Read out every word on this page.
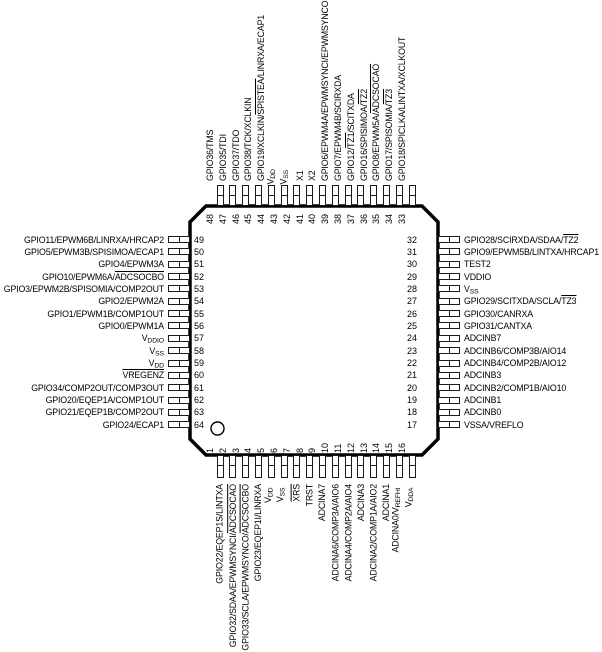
49
GPIO11/EPWM6B/LINRXA/HRCAP2
50
GPIO5/EPWM3B/SPISIMOA/ECAP1
51
GPIO4/EPWM3A
52
GPIO10/EPWM6A/ADCSOCBO
53
GPIO3/EPWM2B/SPISOMIA/COMP2OUT
54
GPIO2/EPWM2A
55
GPIO1/EPWM1B/COMP1OUT
56
GPIO0/EPWM1A
57
VDDIO
58
VSS
59
VDD
60
VREGENZ
61
GPIO34/COMP2OUT/COMP3OUT
62
GPIO20/EQEP1A/COMP1OUT
63
GPIO21/EQEP1B/COMP2OUT
64
GPIO24/ECAP1
48
GPIO36/TMS
47
GPIO35/TDI
46
GPIO37/TDO
45
GPIO38/TCK/XCLKIN
44
GPIO19/XCLKIN/SPISTEA/LINRXA/ECAP1
43
VDD
42
VSS
41
X1
40
X2
39
GPIO6/EPWM4A/EPWMSYNCI/EPWMSYNCO
38
GPIO7/EPWM4B/SCIRXDA
37
GPIO12/TZ1/SCITXDA
36
GPIO16/SPISIMOA/TZ2
35
GPIO8/EPWM5A/ADCSOCAO
34
GPIO17/SPISOMIA/TZ3
33
GPIO18/SPICLKA/LINTXA/XCLKOUT
32	GPIO28/SCIRXDA/SDAA/TZ2
31	GPIO9/EPWM5B/LINTXA/HRCAP1
30	TEST2
29	VDDIO
28	VSS
27	GPIO29/SCITXDA/SCLA/TZ3
26	GPIO30/CANRXA
25	GPIO31/CANTXA
24	ADCINB7
23	ADCINB6/COMP3B/AIO14
22	ADCINB4/COMP2B/AIO12
21	ADCINB3
20	ADCINB2/COMP1B/AIO10
19	ADCINB1
18	ADCINB0
17	VSSA/VREFLO
1
GPIO22/EQEP1S/LINTXA
2
GPIO32/SDAA/EPWMSYNCI/ADCSOCAO
3
GPIO33/SCLA/EPWMSYNCO/ADCSOCBO
4
GPIO23/EQEP1I/LINRXA
5
VDD
6
VSS
7
$\overline{XRS}$
8
TRST
9
ADCINA7
10
ADCINA6/COMP3A/AIO6
11
ADCINA4/COMP2A/AIO4
12
ADCINA3
13
ADCINA2/COMP1A/AIO2
14
ADCINA1
15
ADCINA0/VREFHI
16
VDDA
